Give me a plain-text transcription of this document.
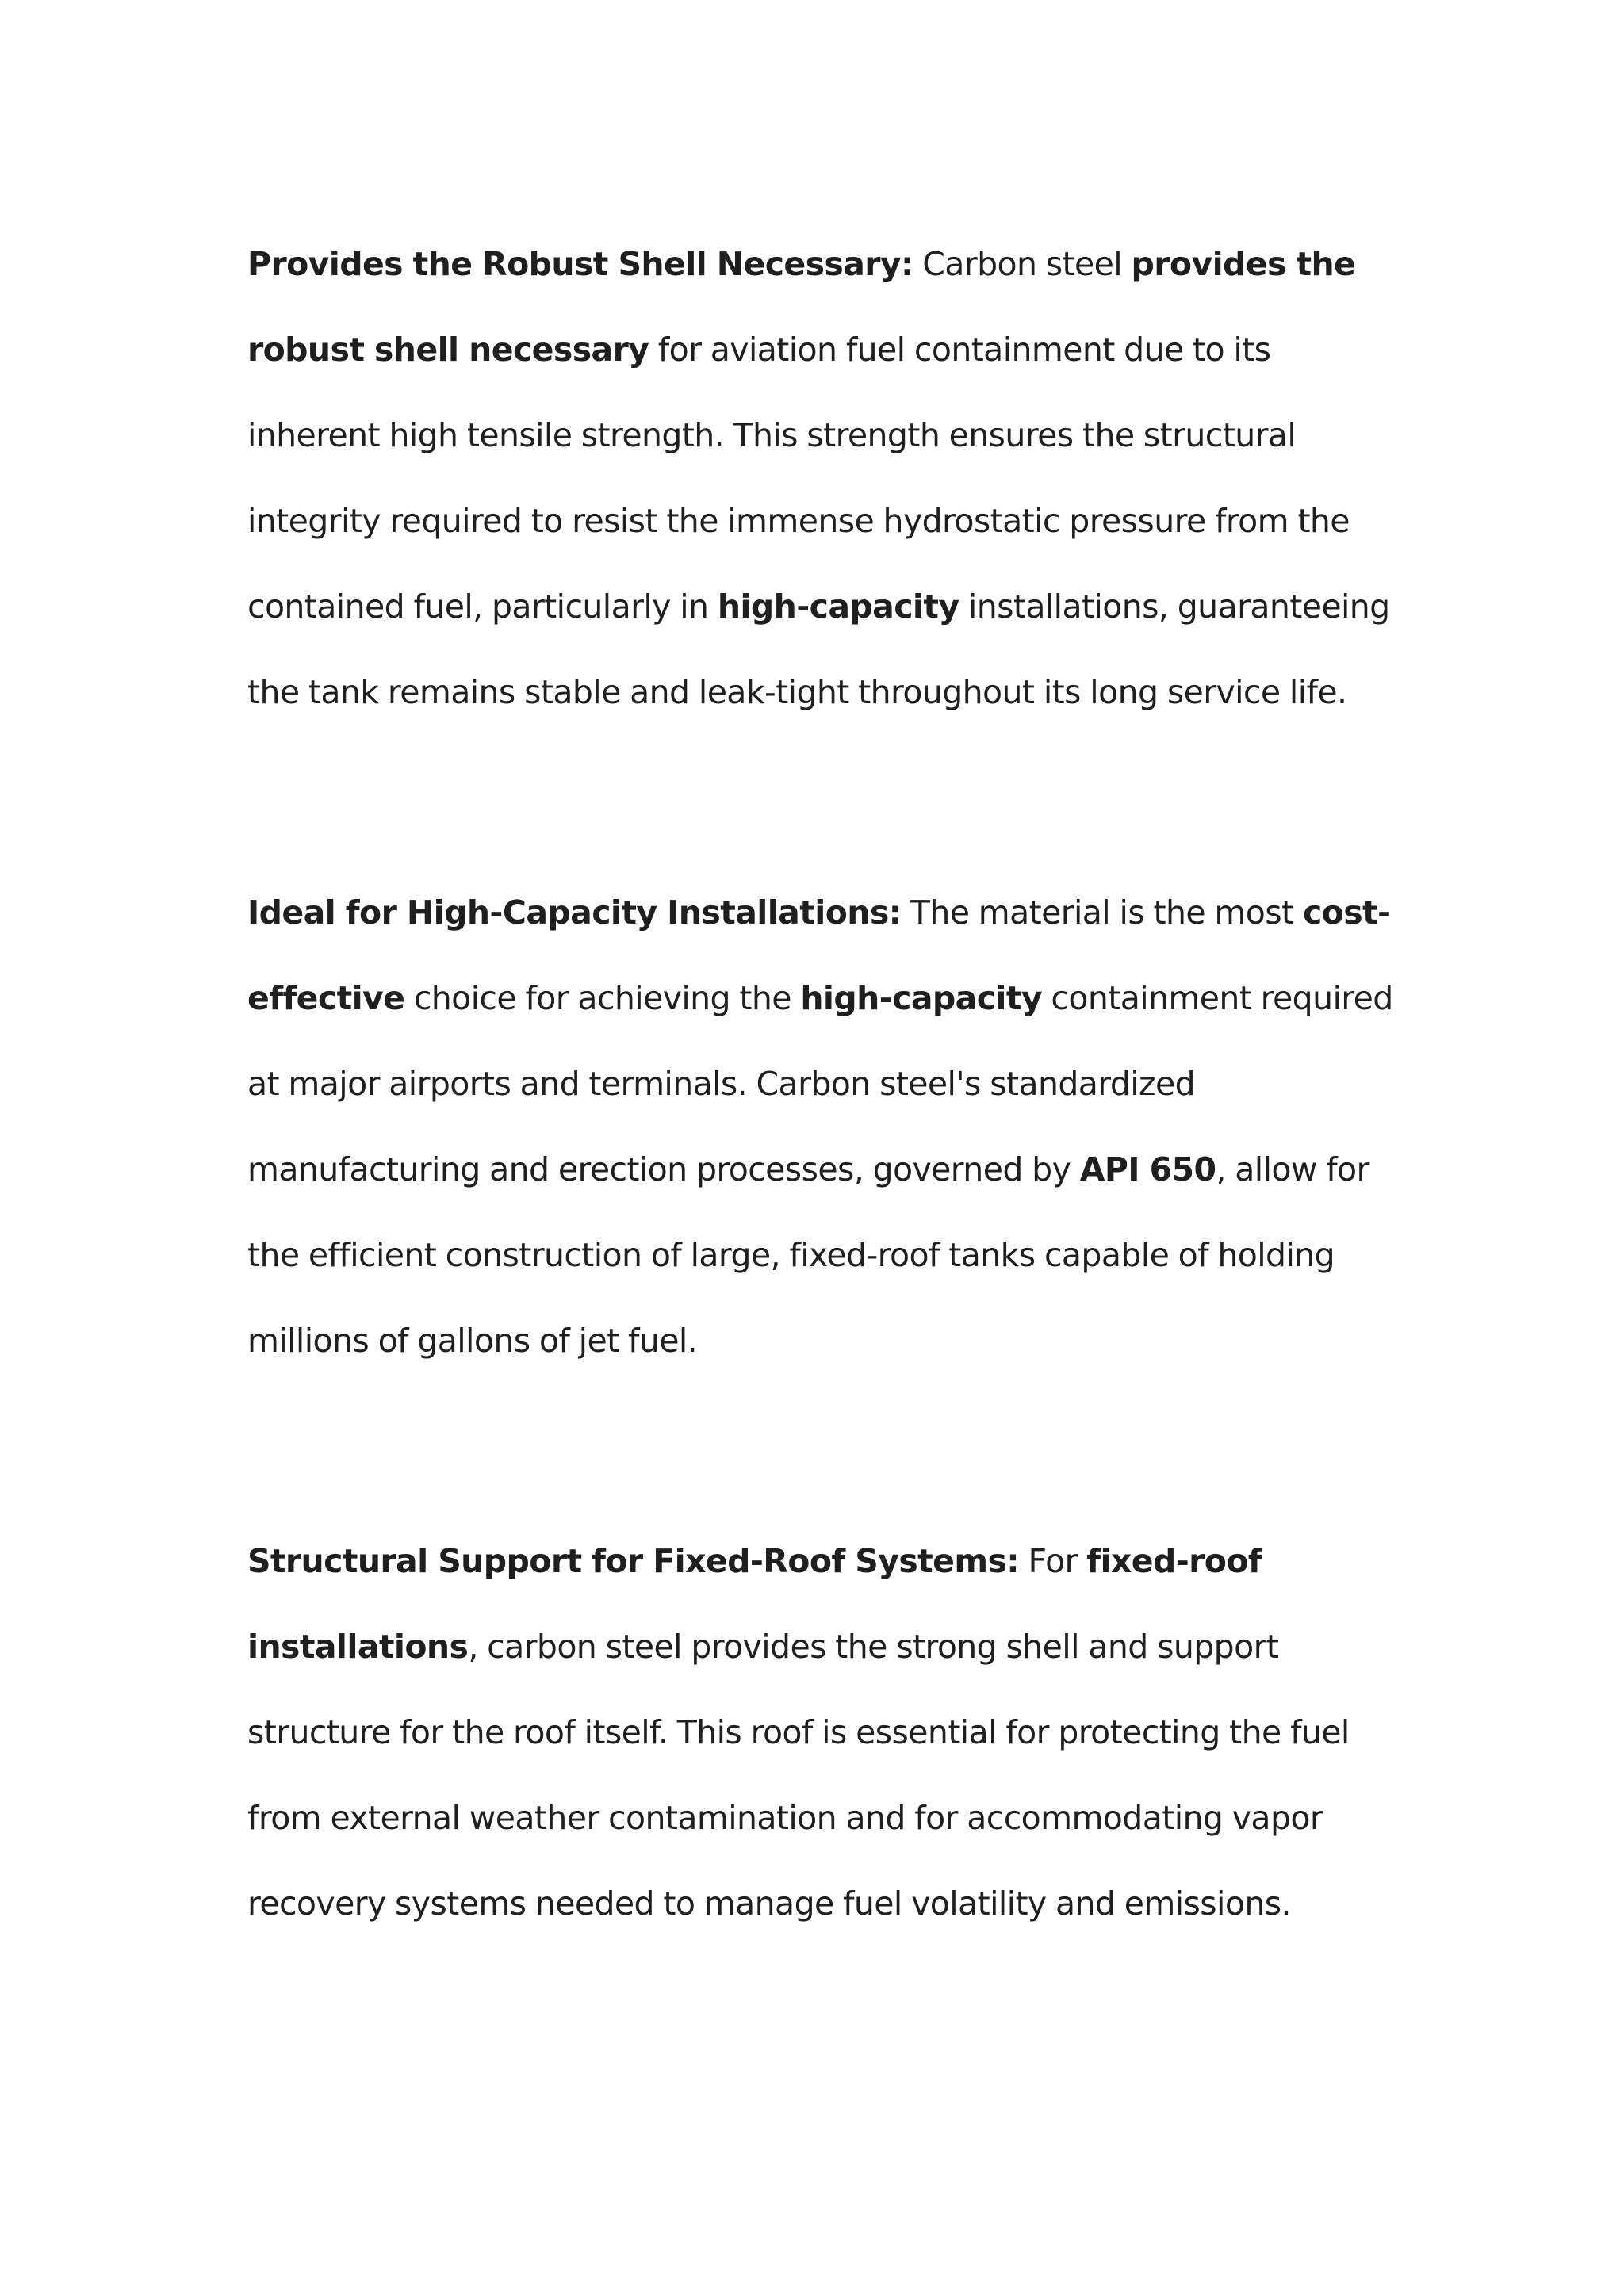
Provides the Robust Shell Necessary: Carbon steel provides the robust shell necessary for aviation fuel containment due to its inherent high tensile strength. This strength ensures the structural integrity required to resist the immense hydrostatic pressure from the contained fuel, particularly in high-capacity installations, guaranteeing the tank remains stable and leak-tight throughout its long service life.

Ideal for High-Capacity Installations: The material is the most cost-effective choice for achieving the high-capacity containment required at major airports and terminals. Carbon steel's standardized manufacturing and erection processes, governed by API 650, allow for the efficient construction of large, fixed-roof tanks capable of holding millions of gallons of jet fuel.

Structural Support for Fixed-Roof Systems: For fixed-roof installations, carbon steel provides the strong shell and support structure for the roof itself. This roof is essential for protecting the fuel from external weather contamination and for accommodating vapor recovery systems needed to manage fuel volatility and emissions.
